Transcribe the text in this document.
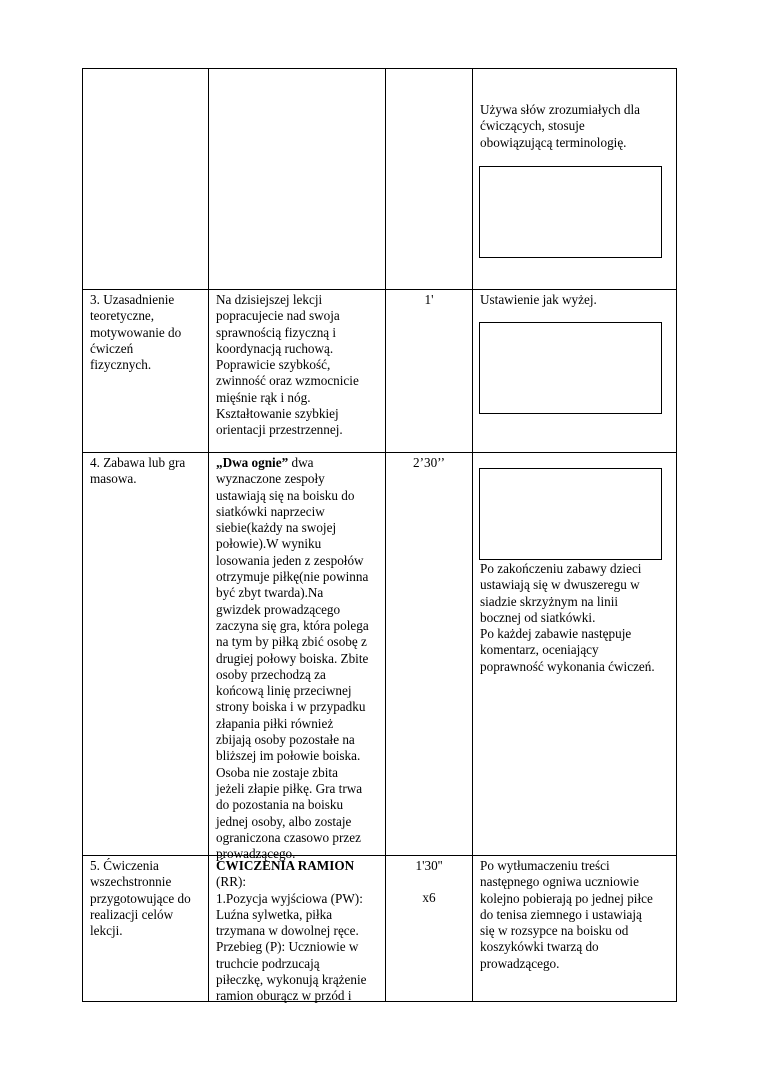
Używa słów zrozumiałych dla

ćwiczących, stosuje

obowiązującą terminologię.

3. Uzasadnienie

teoretyczne,

motywowanie do

ćwiczeń

fizycznych.

Na dzisiejszej lekcji

popracujecie nad swoja

sprawnością fizyczną i

koordynacją ruchową.

Poprawicie szybkość,

zwinność oraz wzmocnicie

mięśnie rąk i nóg.

Kształtowanie szybkiej

orientacji przestrzennej.

1'	Ustawienie jak wyżej.

4. Zabawa lub gra

masowa.

„Dwa ognie” dwa

wyznaczone zespoły

ustawiają się na boisku do

siatkówki naprzeciw

siebie(każdy na swojej

połowie).W wyniku

losowania jeden z zespołów

otrzymuje piłkę(nie powinna

być zbyt twarda).Na

gwizdek prowadzącego

zaczyna się gra, która polega

na tym by piłką zbić osobę z

drugiej połowy boiska. Zbite

osoby przechodzą za

końcową linię przeciwnej

strony boiska i w przypadku

złapania piłki również

zbijają osoby pozostałe na

bliższej im połowie boiska.

Osoba nie zostaje zbita

jeżeli złapie piłkę. Gra trwa

do pozostania na boisku

jednej osoby, albo zostaje

ograniczona czasowo przez

prowadzącego.

2’30’’

Po zakończeniu zabawy dzieci

ustawiają się w dwuszeregu w

siadzie skrzyżnym na linii

bocznej od siatkówki.

Po każdej zabawie następuje

komentarz, oceniający

poprawność wykonania ćwiczeń.

5. Ćwiczenia

wszechstronnie

przygotowujące do

realizacji celów

lekcji.

ĆWICZENIA RAMION

(RR):

1.Pozycja wyjściowa (PW):

Luźna sylwetka, piłka

trzymana w dowolnej ręce.

Przebieg (P): Uczniowie w

truchcie podrzucają

piłeczkę, wykonują krążenie

ramion oburącz w przód i

1'30''

x6

Po wytłumaczeniu treści

następnego ogniwa uczniowie

kolejno pobierają po jednej piłce

do tenisa ziemnego i ustawiają

się w rozsypce na boisku od

koszykówki twarzą do

prowadzącego.
